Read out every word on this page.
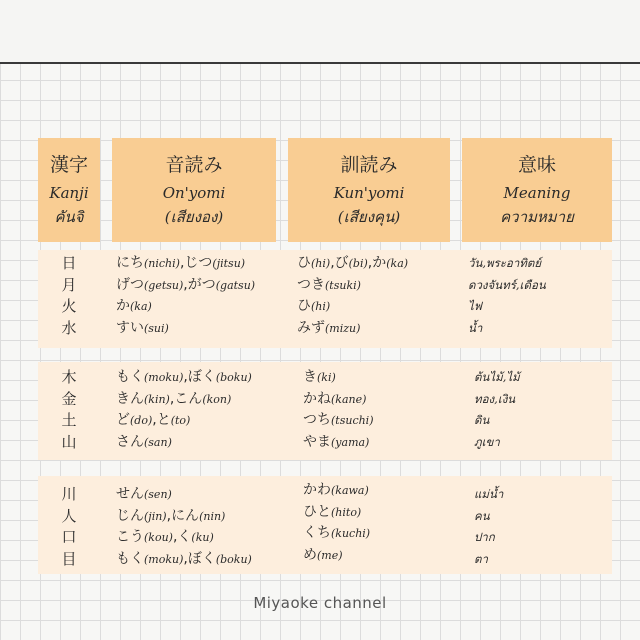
漢字
Kanji
คันจิ
音読み
On'yomi
(เสียงอง)
訓読み
Kun'yomi
(เสียงคุน)
意味
Meaning
ความหมาย
日
月
火
水
にち(nichi),じつ(jitsu)
げつ(getsu),がつ(gatsu)
か(ka)
すい(sui)
ひ(hi),び(bi),か(ka)
つき(tsuki)
ひ(hi)
みず(mizu)
วัน,พระอาทิตย์
ดวงจันทร์,เดือน
ไฟ
น้ำ
木
金
土
山
もく(moku),ぼく(boku)
きん(kin),こん(kon)
ど(do),と(to)
さん(san)
き(ki)
かね(kane)
つち(tsuchi)
やま(yama)
ต้นไม้,ไม้
ทอง,เงิน
ดิน
ภูเขา
川
人
口
目
せん(sen)
じん(jin),にん(nin)
こう(kou),く(ku)
もく(moku),ぼく(boku)
かわ(kawa)
ひと(hito)
くち(kuchi)
め(me)
แม่น้ำ
คน
ปาก
ตา
Miyaoke channel
